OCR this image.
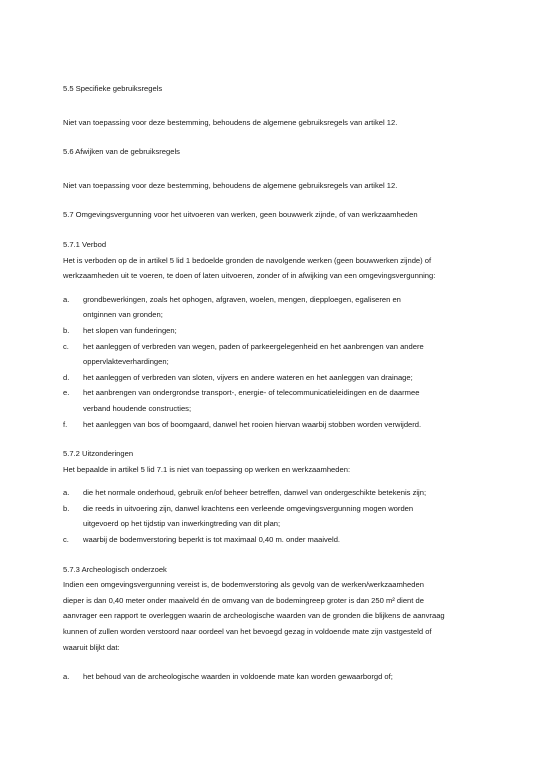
5.5 Specifieke gebruiksregels

Niet van toepassing voor deze bestemming, behoudens de algemene gebruiksregels van artikel 12.

5.6 Afwijken van de gebruiksregels

Niet van toepassing voor deze bestemming, behoudens de algemene gebruiksregels van artikel 12.

5.7 Omgevingsvergunning voor het uitvoeren van werken, geen bouwwerk zijnde, of van werkzaamheden

5.7.1 Verbod

Het is verboden op de in artikel 5 lid 1 bedoelde gronden de navolgende werken (geen bouwwerken zijnde) of

werkzaamheden uit te voeren, te doen of laten uitvoeren, zonder of in afwijking van een omgevingsvergunning:

a.	grondbewerkingen, zoals het ophogen, afgraven, woelen, mengen, diepploegen, egaliseren en

ontginnen van gronden;

b.	het slopen van funderingen;

c.	het aanleggen of verbreden van wegen, paden of parkeergelegenheid en het aanbrengen van andere

oppervlakteverhardingen;

d.	het aanleggen of verbreden van sloten, vijvers en andere wateren en het aanleggen van drainage;

e.	het aanbrengen van ondergrondse transport-, energie- of telecommunicatieleidingen en de daarmee

verband houdende constructies;

f.	het aanleggen van bos of boomgaard, danwel het rooien hiervan waarbij stobben worden verwijderd.

5.7.2 Uitzonderingen

Het bepaalde in artikel 5 lid 7.1 is niet van toepassing op werken en werkzaamheden:

a.	die het normale onderhoud, gebruik en/of beheer betreffen, danwel van ondergeschikte betekenis zijn;

b.	die reeds in uitvoering zijn, danwel krachtens een verleende omgevingsvergunning mogen worden

uitgevoerd op het tijdstip van inwerkingtreding van dit plan;

c.	waarbij de bodemverstoring beperkt is tot maximaal 0,40 m. onder maaiveld.

5.7.3 Archeologisch onderzoek

Indien een omgevingsvergunning vereist is, de bodemverstoring als gevolg van de werken/werkzaamheden

dieper is dan 0,40 meter onder maaiveld én de omvang van de bodemingreep groter is dan 250 m² dient de

aanvrager een rapport te overleggen waarin de archeologische waarden van de gronden die blijkens de aanvraag

kunnen of zullen worden verstoord naar oordeel van het bevoegd gezag in voldoende mate zijn vastgesteld of

waaruit blijkt dat:

a.	het behoud van de archeologische waarden in voldoende mate kan worden gewaarborgd of;
